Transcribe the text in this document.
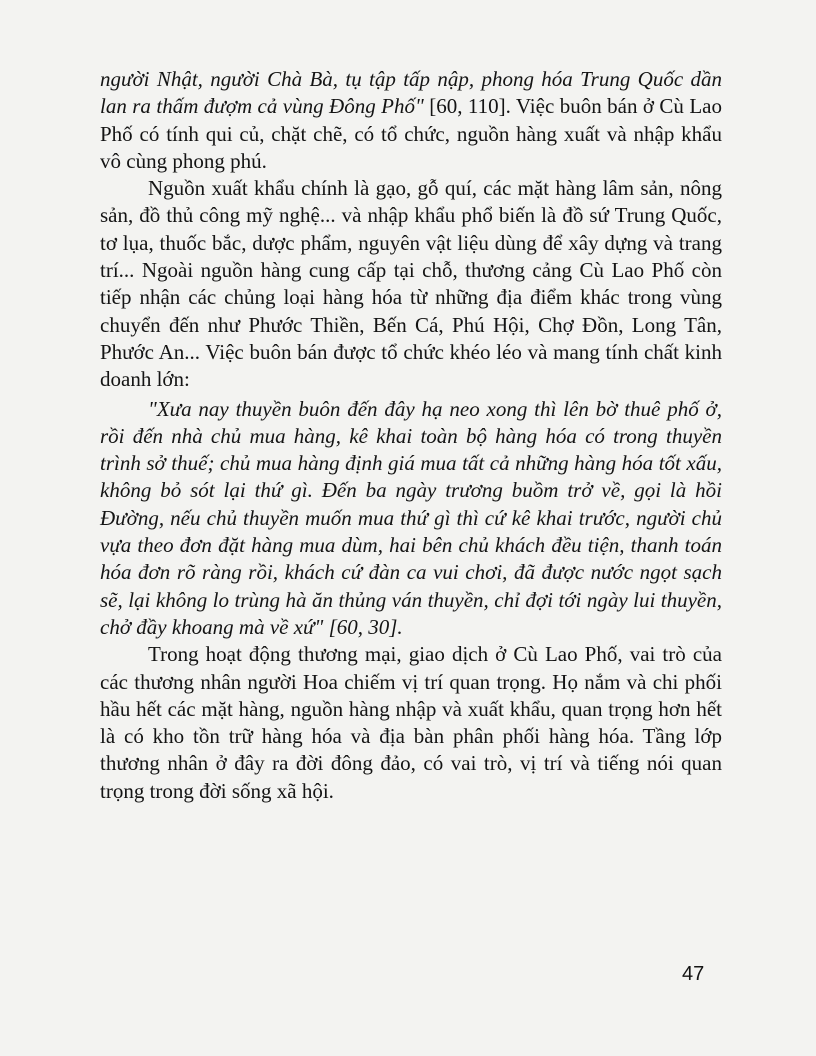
người Nhật, người Chà Bà, tụ tập tấp nập, phong hóa Trung Quốc dần lan ra thấm đượm cả vùng Đông Phố" [60, 110]. Việc buôn bán ở Cù Lao Phố có tính qui củ, chặt chẽ, có tổ chức, nguồn hàng xuất và nhập khẩu vô cùng phong phú.

Nguồn xuất khẩu chính là gạo, gỗ quí, các mặt hàng lâm sản, nông sản, đồ thủ công mỹ nghệ... và nhập khẩu phổ biến là đồ sứ Trung Quốc, tơ lụa, thuốc bắc, dược phẩm, nguyên vật liệu dùng để xây dựng và trang trí... Ngoài nguồn hàng cung cấp tại chỗ, thương cảng Cù Lao Phố còn tiếp nhận các chủng loại hàng hóa từ những địa điểm khác trong vùng chuyển đến như Phước Thiền, Bến Cá, Phú Hội, Chợ Đồn, Long Tân, Phước An... Việc buôn bán được tổ chức khéo léo và mang tính chất kinh doanh lớn:

"Xưa nay thuyền buôn đến đây hạ neo xong thì lên bờ thuê phố ở, rồi đến nhà chủ mua hàng, kê khai toàn bộ hàng hóa có trong thuyền trình sở thuế; chủ mua hàng định giá mua tất cả những hàng hóa tốt xấu, không bỏ sót lại thứ gì. Đến ba ngày trương buồm trở về, gọi là hồi Đường, nếu chủ thuyền muốn mua thứ gì thì cứ kê khai trước, người chủ vựa theo đơn đặt hàng mua dùm, hai bên chủ khách đều tiện, thanh toán hóa đơn rõ ràng rồi, khách cứ đàn ca vui chơi, đã được nước ngọt sạch sẽ, lại không lo trùng hà ăn thủng ván thuyền, chỉ đợi tới ngày lui thuyền, chở đầy khoang mà về xứ" [60, 30].

Trong hoạt động thương mại, giao dịch ở Cù Lao Phố, vai trò của các thương nhân người Hoa chiếm vị trí quan trọng. Họ nắm và chi phối hầu hết các mặt hàng, nguồn hàng nhập và xuất khẩu, quan trọng hơn hết là có kho tồn trữ hàng hóa và địa bàn phân phối hàng hóa. Tầng lớp thương nhân ở đây ra đời đông đảo, có vai trò, vị trí và tiếng nói quan trọng trong đời sống xã hội.

47
